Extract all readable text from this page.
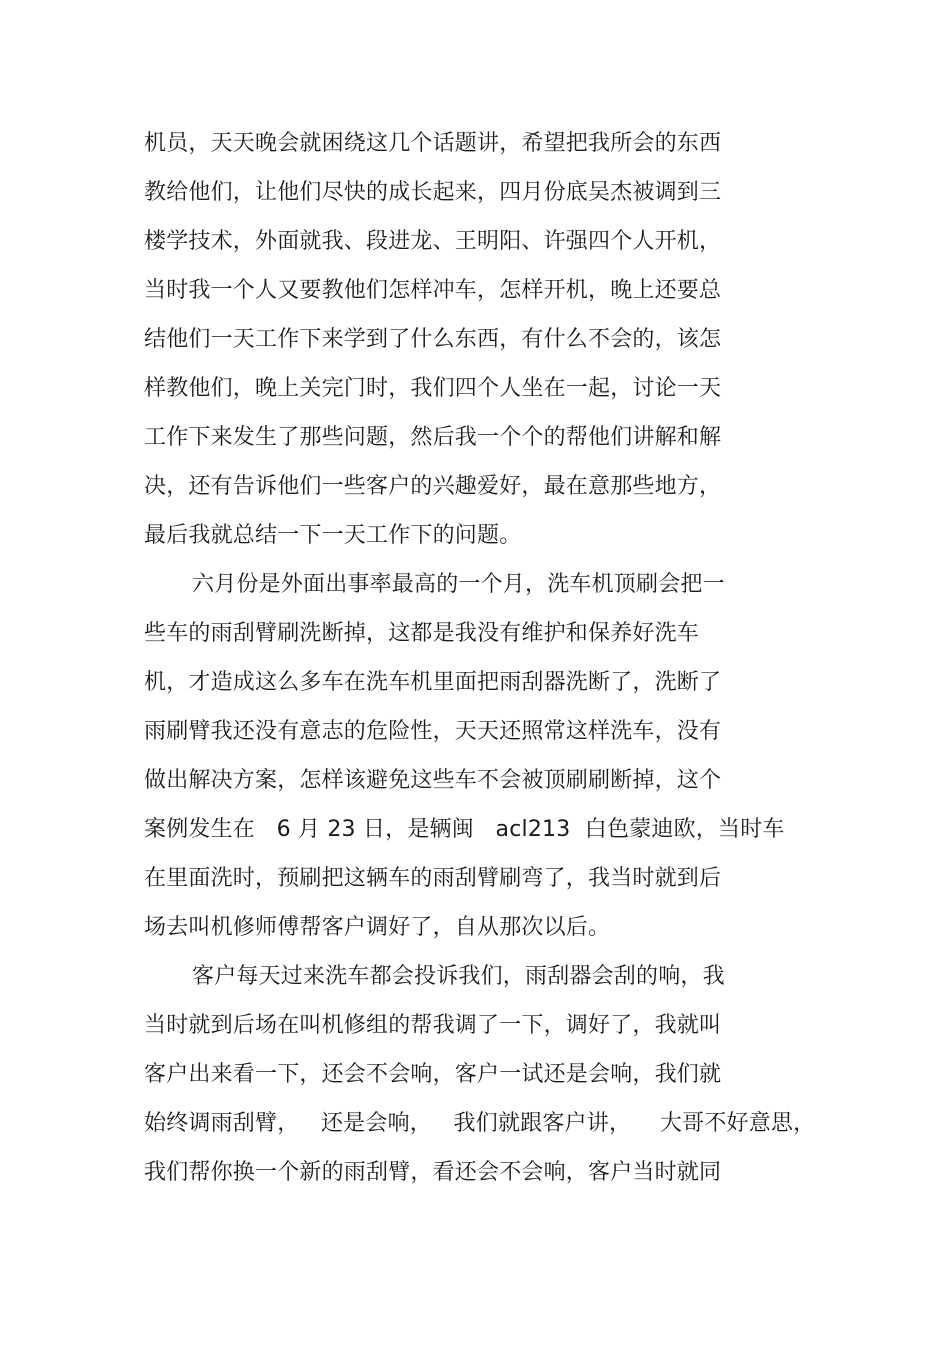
机员，天天晚会就困绕这几个话题讲，希望把我所会的东西
教给他们，让他们尽快的成长起来，四月份底吴杰被调到三
楼学技术，外面就我、段进龙、王明阳、许强四个人开机，
当时我一个人又要教他们怎样冲车，怎样开机，晚上还要总
结他们一天工作下来学到了什么东西，有什么不会的，该怎
样教他们，晚上关完门时，我们四个人坐在一起，讨论一天
工作下来发生了那些问题，然后我一个个的帮他们讲解和解
决，还有告诉他们一些客户的兴趣爱好，最在意那些地方，
最后我就总结一下一天工作下的问题。
六月份是外面出事率最高的一个月，洗车机顶刷会把一
些车的雨刮臂刷洗断掉，这都是我没有维护和保养好洗车
机，才造成这么多车在洗车机里面把雨刮器洗断了，洗断了
雨刷臂我还没有意志的危险性，天天还照常这样洗车，没有
做出解决方案，怎样该避免这些车不会被顶刷刷断掉，这个
案例发生在   6 月 23 日，是辆闽   acl213  白色蒙迪欧，当时车
在里面洗时，预刷把这辆车的雨刮臂刷弯了，我当时就到后
场去叫机修师傅帮客户调好了，自从那次以后。
客户每天过来洗车都会投诉我们，雨刮器会刮的响，我
当时就到后场在叫机修组的帮我调了一下，调好了，我就叫
客户出来看一下，还会不会响，客户一试还是会响，我们就
始终调雨刮臂，   还是会响，   我们就跟客户讲，    大哥不好意思，
我们帮你换一个新的雨刮臂，看还会不会响，客户当时就同
